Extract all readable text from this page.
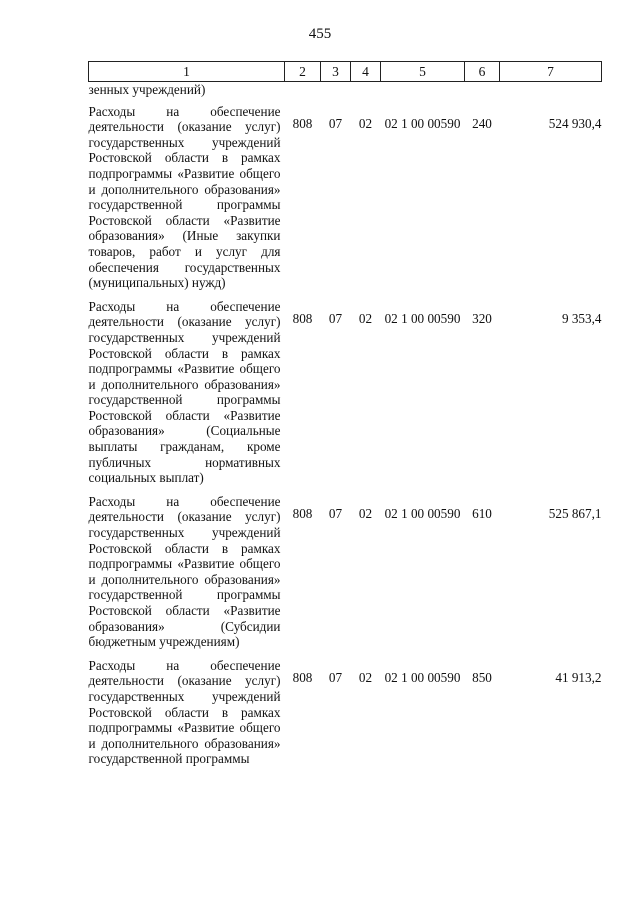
455
1	2	3	4	5	6	7
зенных учреждений)						
Расходы на обеспечение деятельности (оказание услуг) государственных учреждений Ростовской области в рамках подпрограммы «Развитие общего и дополнительного образования» государственной программы Ростовской области «Развитие образования» (Иные закупки товаров, работ и услуг для обеспечения государственных (муниципальных) нужд)	808	07	02	02 1 00 00590	240	524 930,4
Расходы на обеспечение деятельности (оказание услуг) государственных учреждений Ростовской области в рамках подпрограммы «Развитие общего и дополнительного образования» государственной программы Ростовской области «Развитие образования» (Социальные выплаты гражданам, кроме публичных нормативных социальных выплат)	808	07	02	02 1 00 00590	320	9 353,4
Расходы на обеспечение деятельности (оказание услуг) государственных учреждений Ростовской области в рамках подпрограммы «Развитие общего и дополнительного образования» государственной программы Ростовской области «Развитие образования» (Субсидии бюджетным учреждениям)	808	07	02	02 1 00 00590	610	525 867,1
Расходы на обеспечение деятельности (оказание услуг) государственных учреждений Ростовской области в рамках подпрограммы «Развитие общего и дополнительного образования» государственной программы	808	07	02	02 1 00 00590	850	41 913,2
